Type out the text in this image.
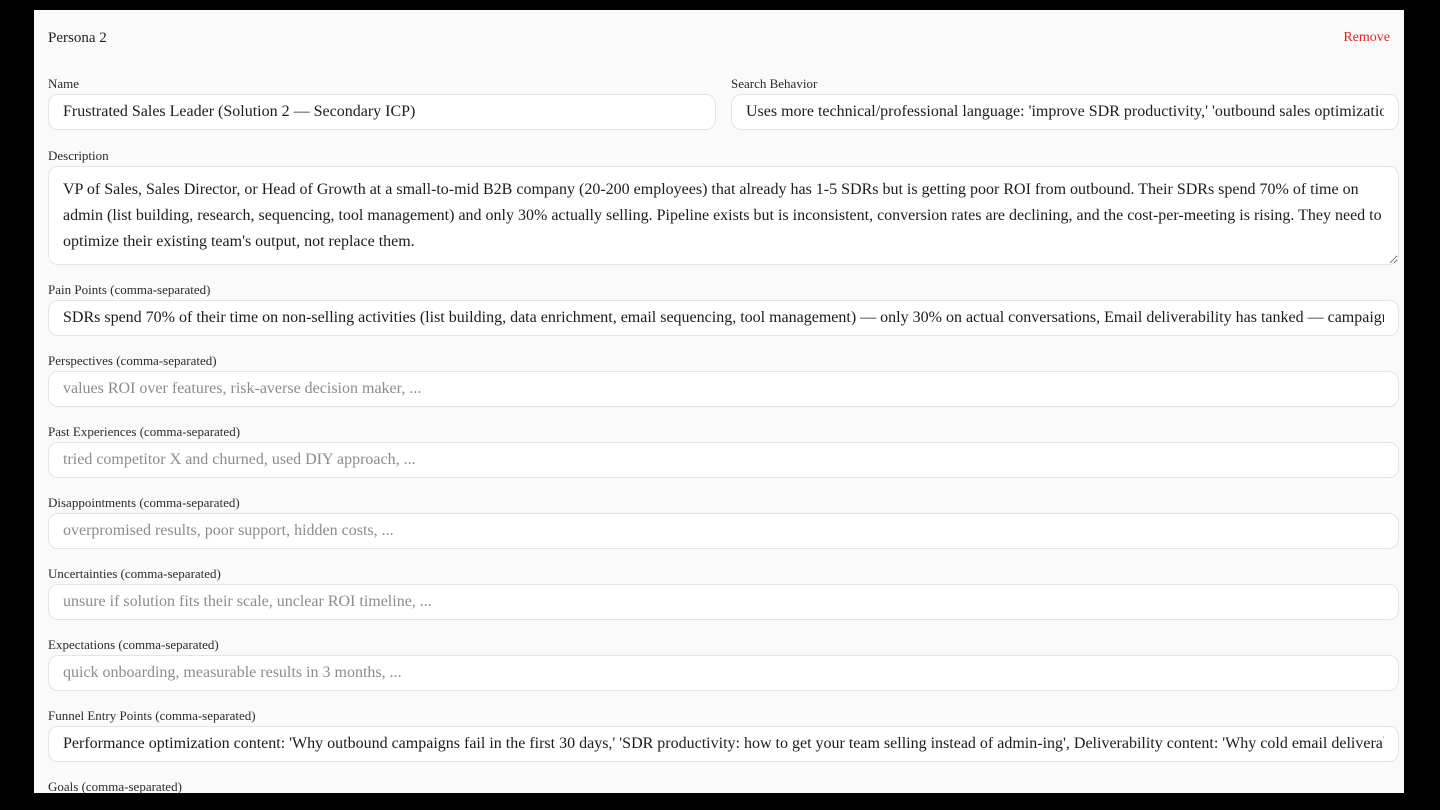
Persona 2	Remove
Name
Frustrated Sales Leader (Solution 2 — Secondary ICP)	Search Behavior
Uses more technical/professional language: 'improve SDR productivity,' 'outbound sales optimization,' 'email
Description
VP of Sales, Sales Director, or Head of Growth at a small-to-mid B2B company (20-200 employees) that already has 1-5 SDRs but is getting poor ROI from outbound. Their SDRs spend 70% of time on admin (list building, research, sequencing, tool management) and only 30% actually selling. Pipeline exists but is inconsistent, conversion rates are declining, and the cost-per-meeting is rising. They need to optimize their existing team's output, not replace them.
Pain Points (comma-separated)
SDRs spend 70% of their time on non-selling activities (list building, data enrichment, email sequencing, tool management) — only 30% on actual conversations, Email deliverability has tanked — campaigns that worked in
Perspectives (comma-separated)
values ROI over features, risk-averse decision maker, ...
Past Experiences (comma-separated)
tried competitor X and churned, used DIY approach, ...
Disappointments (comma-separated)
overpromised results, poor support, hidden costs, ...
Uncertainties (comma-separated)
unsure if solution fits their scale, unclear ROI timeline, ...
Expectations (comma-separated)
quick onboarding, measurable results in 3 months, ...
Funnel Entry Points (comma-separated)
Performance optimization content: 'Why outbound campaigns fail in the first 30 days,' 'SDR productivity: how to get your team selling instead of admin-ing', Deliverability content: 'Why cold email deliverability is killing your
Goals (comma-separated)
